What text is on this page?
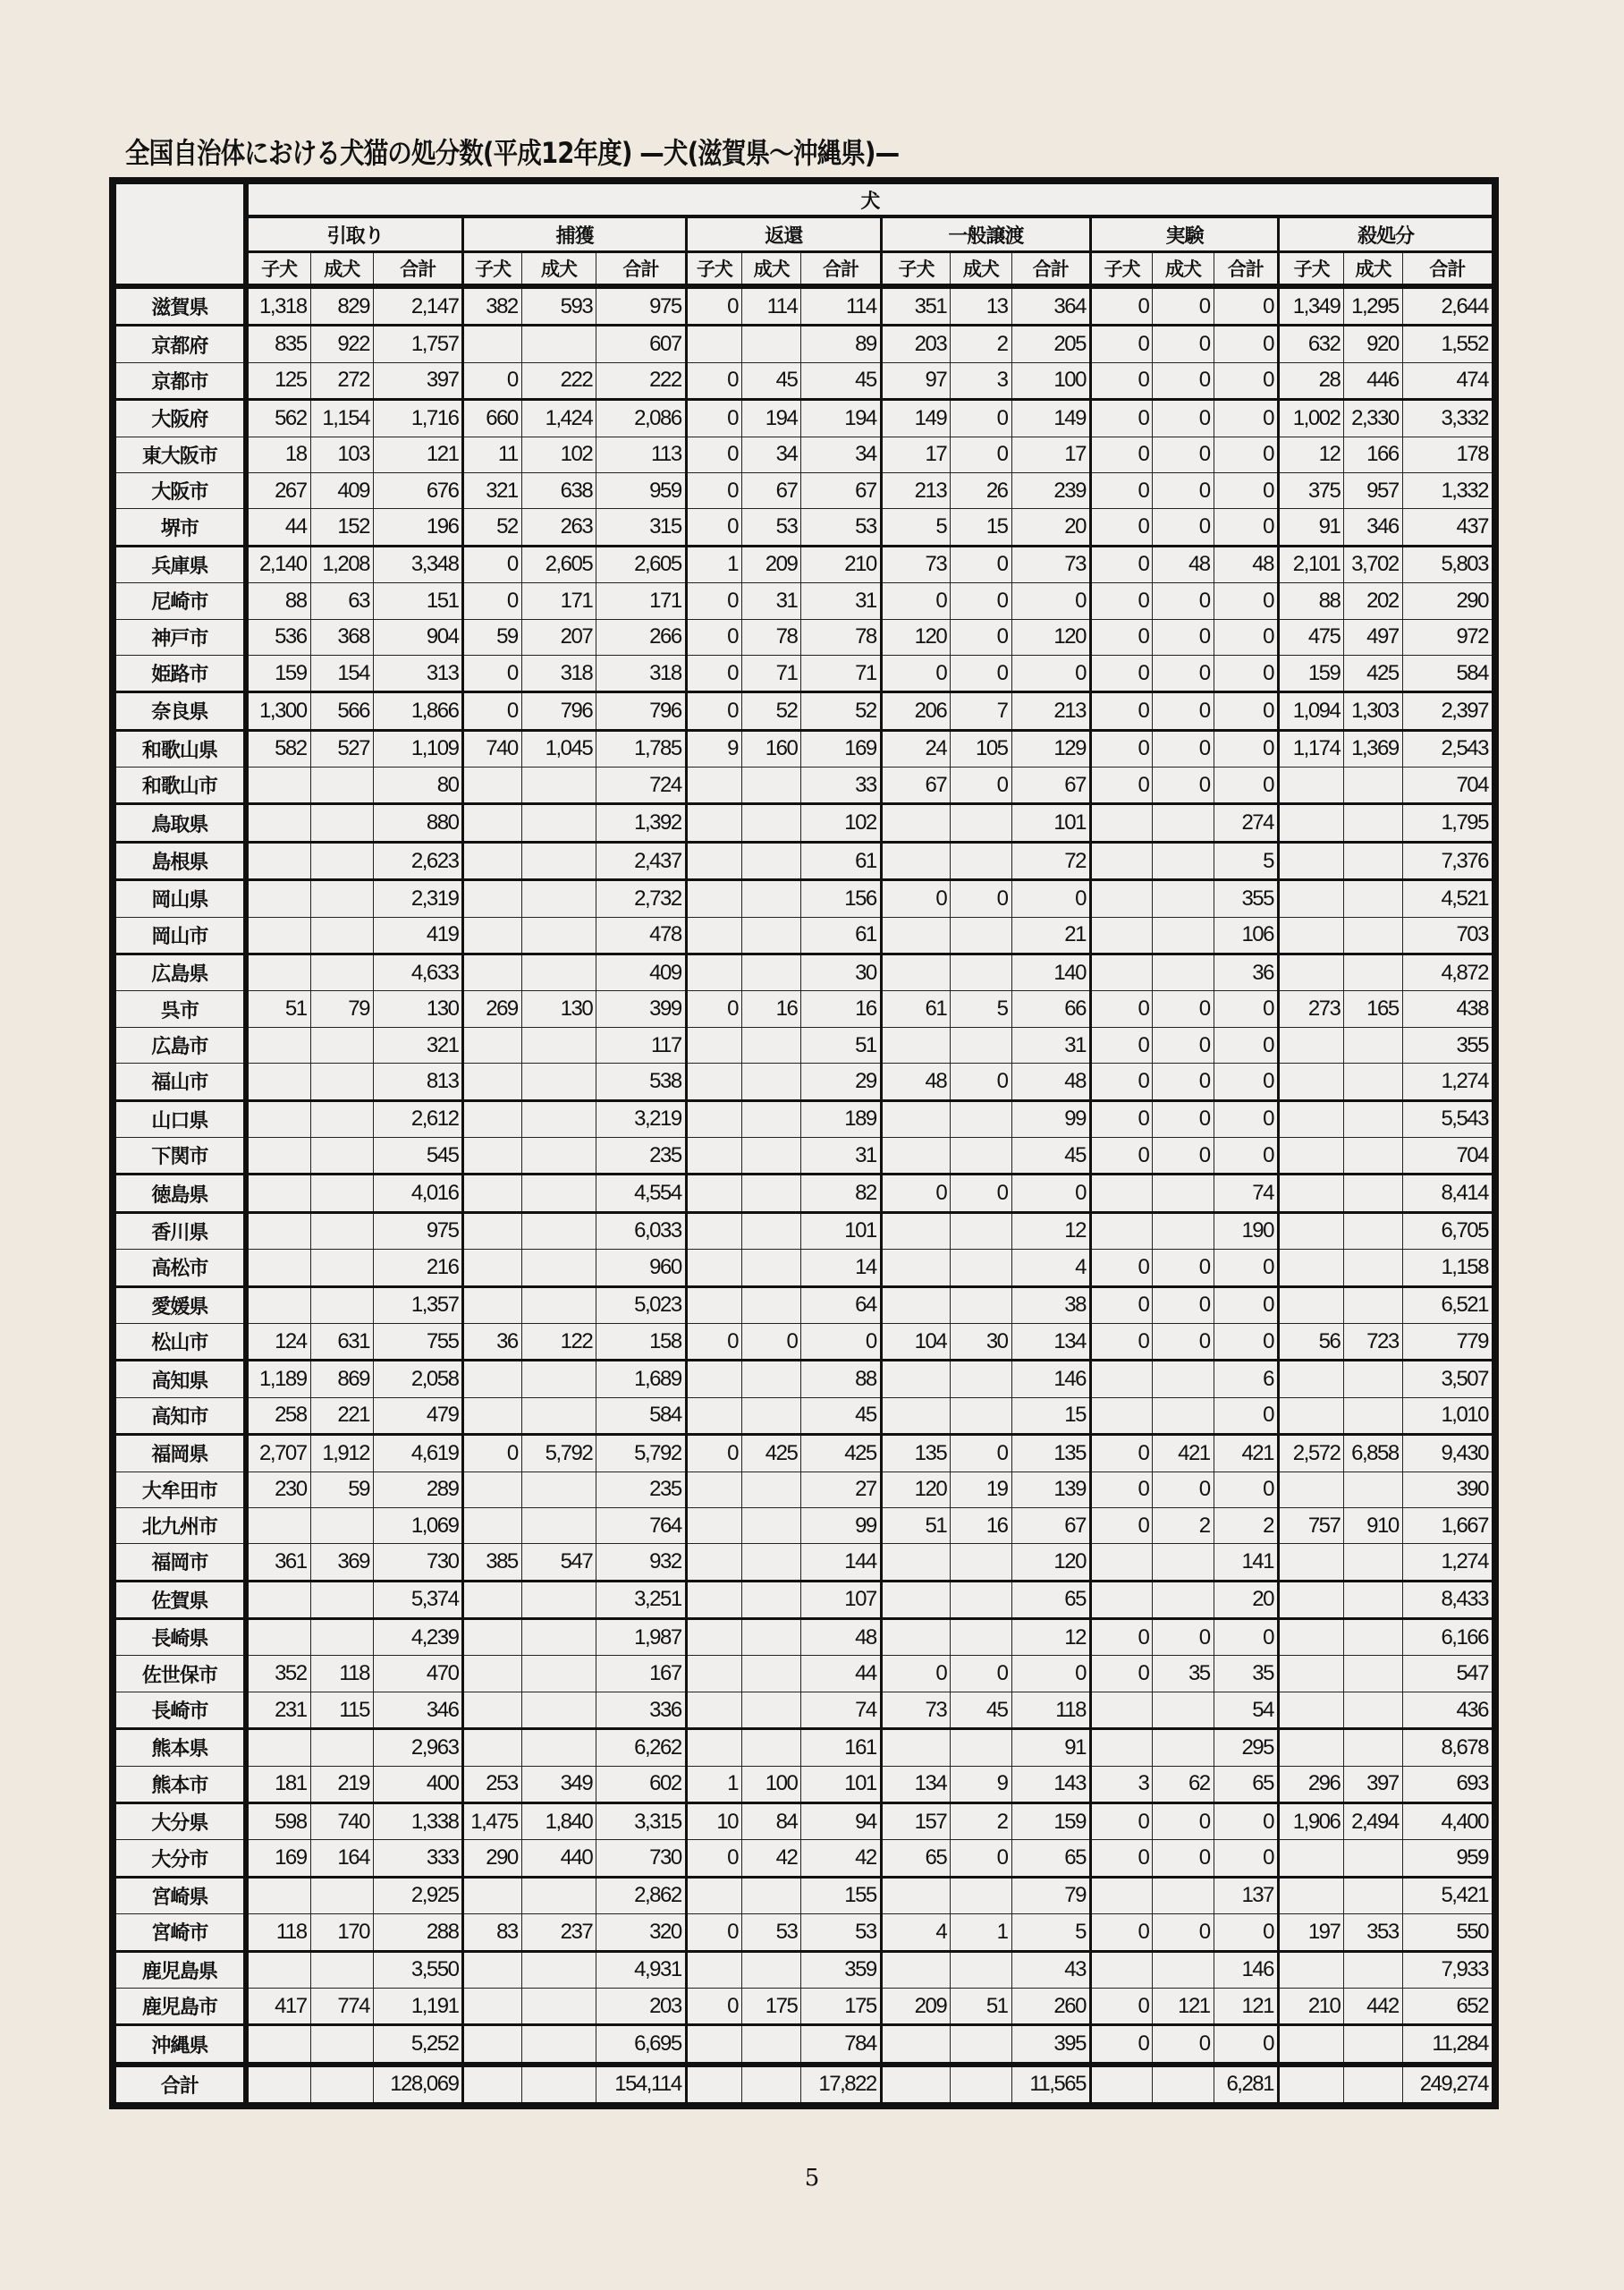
全国自治体における犬猫の処分数(平成12年度) —犬(滋賀県～沖縄県)—
	犬																	
	引取り			捕獲			返還			一般譲渡			実験			殺処分		
	子犬	成犬	合計	子犬	成犬	合計	子犬	成犬	合計	子犬	成犬	合計	子犬	成犬	合計	子犬	成犬	合計
滋賀県	1,318	829	2,147	382	593	975	0	114	114	351	13	364	0	0	0	1,349	1,295	2,644
京都府	835	922	1,757			607			89	203	2	205	0	0	0	632	920	1,552
京都市	125	272	397	0	222	222	0	45	45	97	3	100	0	0	0	28	446	474
大阪府	562	1,154	1,716	660	1,424	2,086	0	194	194	149	0	149	0	0	0	1,002	2,330	3,332
東大阪市	18	103	121	11	102	113	0	34	34	17	0	17	0	0	0	12	166	178
大阪市	267	409	676	321	638	959	0	67	67	213	26	239	0	0	0	375	957	1,332
堺市	44	152	196	52	263	315	0	53	53	5	15	20	0	0	0	91	346	437
兵庫県	2,140	1,208	3,348	0	2,605	2,605	1	209	210	73	0	73	0	48	48	2,101	3,702	5,803
尼崎市	88	63	151	0	171	171	0	31	31	0	0	0	0	0	0	88	202	290
神戸市	536	368	904	59	207	266	0	78	78	120	0	120	0	0	0	475	497	972
姫路市	159	154	313	0	318	318	0	71	71	0	0	0	0	0	0	159	425	584
奈良県	1,300	566	1,866	0	796	796	0	52	52	206	7	213	0	0	0	1,094	1,303	2,397
和歌山県	582	527	1,109	740	1,045	1,785	9	160	169	24	105	129	0	0	0	1,174	1,369	2,543
和歌山市			80			724			33	67	0	67	0	0	0			704
鳥取県			880			1,392			102			101			274			1,795
島根県			2,623			2,437			61			72			5			7,376
岡山県			2,319			2,732			156	0	0	0			355			4,521
岡山市			419			478			61			21			106			703
広島県			4,633			409			30			140			36			4,872
呉市	51	79	130	269	130	399	0	16	16	61	5	66	0	0	0	273	165	438
広島市			321			117			51			31	0	0	0			355
福山市			813			538			29	48	0	48	0	0	0			1,274
山口県			2,612			3,219			189			99	0	0	0			5,543
下関市			545			235			31			45	0	0	0			704
徳島県			4,016			4,554			82	0	0	0			74			8,414
香川県			975			6,033			101			12			190			6,705
高松市			216			960			14			4	0	0	0			1,158
愛媛県			1,357			5,023			64			38	0	0	0			6,521
松山市	124	631	755	36	122	158	0	0	0	104	30	134	0	0	0	56	723	779
高知県	1,189	869	2,058			1,689			88			146			6			3,507
高知市	258	221	479			584			45			15			0			1,010
福岡県	2,707	1,912	4,619	0	5,792	5,792	0	425	425	135	0	135	0	421	421	2,572	6,858	9,430
大牟田市	230	59	289			235			27	120	19	139	0	0	0			390
北九州市			1,069			764			99	51	16	67	0	2	2	757	910	1,667
福岡市	361	369	730	385	547	932			144			120			141			1,274
佐賀県			5,374			3,251			107			65			20			8,433
長崎県			4,239			1,987			48			12	0	0	0			6,166
佐世保市	352	118	470			167			44	0	0	0	0	35	35			547
長崎市	231	115	346			336			74	73	45	118			54			436
熊本県			2,963			6,262			161			91			295			8,678
熊本市	181	219	400	253	349	602	1	100	101	134	9	143	3	62	65	296	397	693
大分県	598	740	1,338	1,475	1,840	3,315	10	84	94	157	2	159	0	0	0	1,906	2,494	4,400
大分市	169	164	333	290	440	730	0	42	42	65	0	65	0	0	0			959
宮崎県			2,925			2,862			155			79			137			5,421
宮崎市	118	170	288	83	237	320	0	53	53	4	1	5	0	0	0	197	353	550
鹿児島県			3,550			4,931			359			43			146			7,933
鹿児島市	417	774	1,191			203	0	175	175	209	51	260	0	121	121	210	442	652
沖縄県			5,252			6,695			784			395	0	0	0			11,284
合計			128,069			154,114			17,822			11,565			6,281			249,274
5
